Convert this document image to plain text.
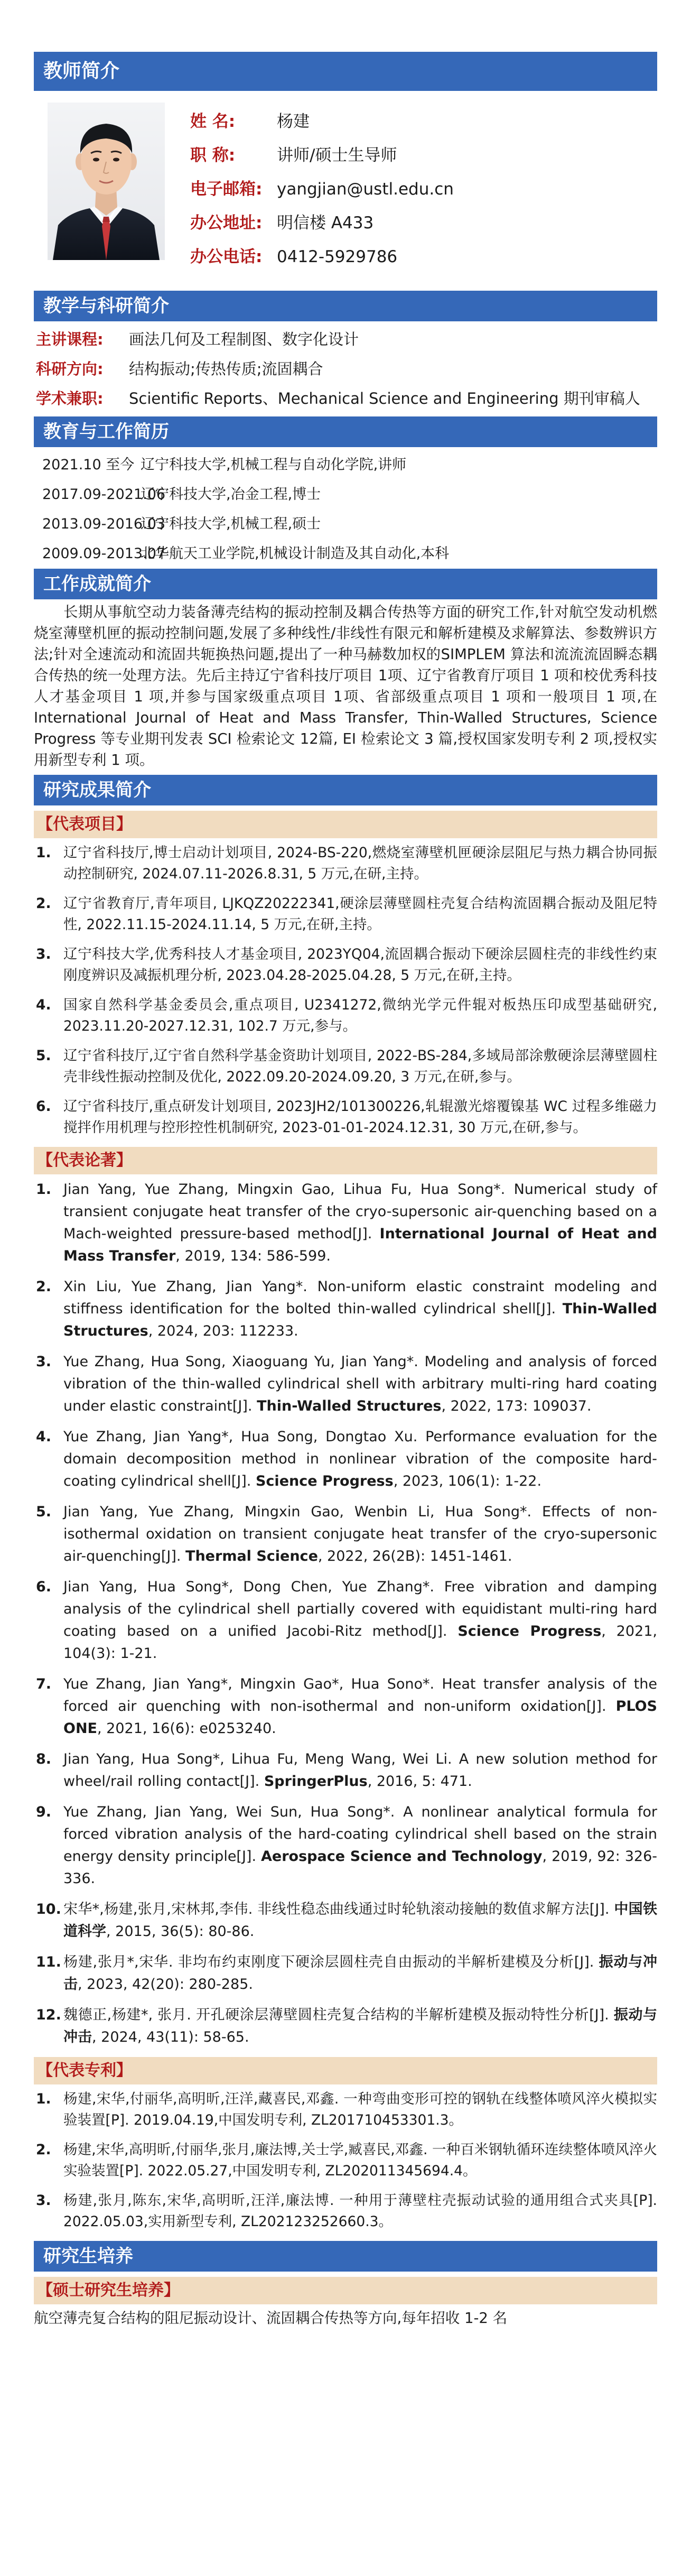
教师简介
姓 名:	杨建
职 称:	讲师/硕士生导师
电子邮箱: yangjian@ustl.edu.cn
办公地址: 明信楼 A433
办公电话: 0412-5929786
教学与科研简介
主讲课程: 画法几何及工程制图、数字化设计
科研方向: 结构振动;传热传质;流固耦合
学术兼职: Scientific Reports、Mechanical Science and Engineering 期刊审稿人
教育与工作简历
2021.10 至今 辽宁科技大学,机械工程与自动化学院,讲师
2017.09-2021.06辽宁科技大学,冶金工程,博士
2013.09-2016.03辽宁科技大学,机械工程,硕士
2009.09-2013.07北华航天工业学院,机械设计制造及其自动化,本科
工作成就简介
长期从事航空动力装备薄壳结构的振动控制及耦合传热等方面的研究工作,针对航空发动机燃烧室薄壁机匣的振动控制问题,发展了多种线性/非线性有限元和解析建模及求解算法、参数辨识方法;针对全速流动和流固共轭换热问题,提出了一种马赫数加权的SIMPLEM 算法和流流流固瞬态耦合传热的统一处理方法。先后主持辽宁省科技厅项目 1项、辽宁省教育厅项目 1 项和校优秀科技人才基金项目 1 项,并参与国家级重点项目 1项、省部级重点项目 1 项和一般项目 1 项,在 International Journal of Heat and Mass Transfer, Thin-Walled Structures, Science Progress 等专业期刊发表 SCI 检索论文 12篇, EI 检索论文 3 篇,授权国家发明专利 2 项,授权实用新型专利 1 项。
研究成果简介
【代表项目】
1. 辽宁省科技厅,博士启动计划项目, 2024-BS-220,燃烧室薄壁机匣硬涂层阻尼与热力耦合协同振动控制研究, 2024.07.11-2026.8.31, 5 万元,在研,主持。
2. 辽宁省教育厅,青年项目, LJKQZ20222341,硬涂层薄壁圆柱壳复合结构流固耦合振动及阻尼特性, 2022.11.15-2024.11.14, 5 万元,在研,主持。
3. 辽宁科技大学,优秀科技人才基金项目, 2023YQ04,流固耦合振动下硬涂层圆柱壳的非线性约束刚度辨识及减振机理分析, 2023.04.28-2025.04.28, 5 万元,在研,主持。
4. 国家自然科学基金委员会,重点项目, U2341272,微纳光学元件辊对板热压印成型基础研究, 2023.11.20-2027.12.31, 102.7 万元,参与。
5. 辽宁省科技厅,辽宁省自然科学基金资助计划项目, 2022-BS-284,多域局部涂敷硬涂层薄壁圆柱壳非线性振动控制及优化, 2022.09.20-2024.09.20, 3 万元,在研,参与。
6. 辽宁省科技厅,重点研发计划项目, 2023JH2/101300226,轧辊激光熔覆镍基 WC 过程多维磁力搅拌作用机理与控形控性机制研究, 2023-01-01-2024.12.31, 30 万元,在研,参与。
【代表论著】
1. Jian Yang, Yue Zhang, Mingxin Gao, Lihua Fu, Hua Song*. Numerical study of transient conjugate heat transfer of the cryo-supersonic air-quenching based on a Mach-weighted pressure-based method[J]. International Journal of Heat and Mass Transfer, 2019, 134: 586-599.
2. Xin Liu, Yue Zhang, Jian Yang*. Non-uniform elastic constraint modeling and stiffness identification for the bolted thin-walled cylindrical shell[J]. Thin-Walled Structures, 2024, 203: 112233.
3. Yue Zhang, Hua Song, Xiaoguang Yu, Jian Yang*. Modeling and analysis of forced vibration of the thin-walled cylindrical shell with arbitrary multi-ring hard coating under elastic constraint[J]. Thin-Walled Structures, 2022, 173: 109037.
4. Yue Zhang, Jian Yang*, Hua Song, Dongtao Xu. Performance evaluation for the domain decomposition method in nonlinear vibration of the composite hard-coating cylindrical shell[J]. Science Progress, 2023, 106(1): 1-22.
5. Jian Yang, Yue Zhang, Mingxin Gao, Wenbin Li, Hua Song*. Effects of non-isothermal oxidation on transient conjugate heat transfer of the cryo-supersonic air-quenching[J]. Thermal Science, 2022, 26(2B): 1451-1461.
6. Jian Yang, Hua Song*, Dong Chen, Yue Zhang*. Free vibration and damping analysis of the cylindrical shell partially covered with equidistant multi-ring hard coating based on a unified Jacobi-Ritz method[J]. Science Progress, 2021, 104(3): 1-21.
7. Yue Zhang, Jian Yang*, Mingxin Gao*, Hua Sono*. Heat transfer analysis of the forced air quenching with non-isothermal and non-uniform oxidation[J]. PLOS ONE, 2021, 16(6): e0253240.
8. Jian Yang, Hua Song*, Lihua Fu, Meng Wang, Wei Li. A new solution method for wheel/rail rolling contact[J]. SpringerPlus, 2016, 5: 471.
9. Yue Zhang, Jian Yang, Wei Sun, Hua Song*. A nonlinear analytical formula for forced vibration analysis of the hard-coating cylindrical shell based on the strain energy density principle[J]. Aerospace Science and Technology, 2019, 92: 326-336.
10. 宋华*,杨建,张月,宋林邦,李伟. 非线性稳态曲线通过时轮轨滚动接触的数值求解方法[J]. 中国铁道科学, 2015, 36(5): 80-86.
11. 杨建,张月*,宋华. 非均布约束刚度下硬涂层圆柱壳自由振动的半解析建模及分析[J]. 振动与冲击, 2023, 42(20): 280-285.
12. 魏德正,杨建*, 张月. 开孔硬涂层薄壁圆柱壳复合结构的半解析建模及振动特性分析[J]. 振动与冲击, 2024, 43(11): 58-65.
【代表专利】
1. 杨建,宋华,付丽华,高明昕,汪洋,藏喜民,邓鑫. 一种弯曲变形可控的钢轨在线整体喷风淬火模拟实验装置[P]. 2019.04.19,中国发明专利, ZL201710453301.3。
2. 杨建,宋华,高明昕,付丽华,张月,廉法博,关士学,臧喜民,邓鑫. 一种百米钢轨循环连续整体喷风淬火实验装置[P]. 2022.05.27,中国发明专利, ZL202011345694.4。
3. 杨建,张月,陈东,宋华,高明昕,汪洋,廉法博. 一种用于薄壁柱壳振动试验的通用组合式夹具[P]. 2022.05.03,实用新型专利, ZL202123252660.3。
研究生培养
【硕士研究生培养】
航空薄壳复合结构的阻尼振动设计、流固耦合传热等方向,每年招收 1-2 名
